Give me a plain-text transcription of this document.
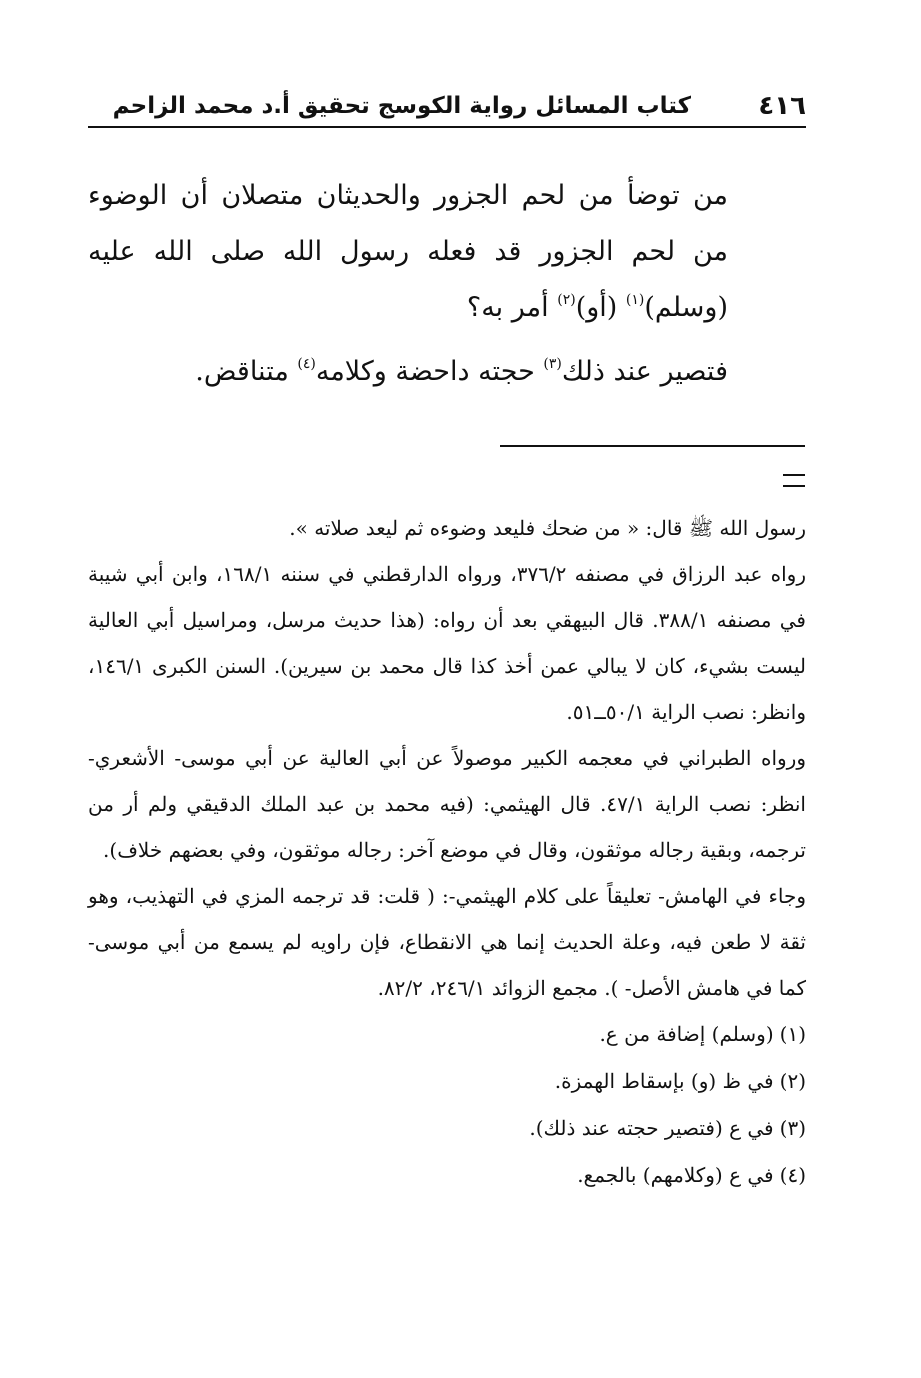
٤١٦
كتاب المسائل رواية الكوسج تحقيق أ.د محمد الزاحم

من توضأ من لحم الجزور والحديثان متصلان أن الوضوء من لحم الجزور قد فعله رسول الله صلى الله عليه (وسلم)$^{(١)}$ (أو)$^{(٢)}$ أمر به؟

فتصير عند ذلك$^{(٣)}$ حجته داحضة وكلامه$^{(٤)}$ متناقض.

رسول الله ﷺ قال: « من ضحك فليعد وضوءه ثم ليعد صلاته ».

رواه عبد الرزاق في مصنفه ٣٧٦/٢، ورواه الدارقطني في سننه ١٦٨/١، وابن أبي شيبة في مصنفه ٣٨٨/١. قال البيهقي بعد أن رواه: (هذا حديث مرسل، ومراسيل أبي العالية ليست بشيء، كان لا يبالي عمن أخذ كذا قال محمد بن سيرين). السنن الكبرى ١٤٦/١، وانظر: نصب الراية ٥٠/١ــ٥١.

ورواه الطبراني في معجمه الكبير موصولاً عن أبي العالية عن أبي موسى- الأشعري- انظر: نصب الراية ٤٧/١. قال الهيثمي: (فيه محمد بن عبد الملك الدقيقي ولم أر من ترجمه، وبقية رجاله موثقون، وقال في موضع آخر: رجاله موثقون، وفي بعضهم خلاف).

وجاء في الهامش- تعليقاً على كلام الهيثمي-: ( قلت: قد ترجمه المزي في التهذيب، وهو ثقة لا طعن فيه، وعلة الحديث إنما هي الانقطاع، فإن راويه لم يسمع من أبي موسى- كما في هامش الأصل- ). مجمع الزوائد ٢٤٦/١، ٨٢/٢.

(١)(وسلم) إضافة من ع.

(٢)في ظ (و) بإسقاط الهمزة.

(٣)في ع (فتصير حجته عند ذلك).

(٤)في ع (وكلامهم) بالجمع.
